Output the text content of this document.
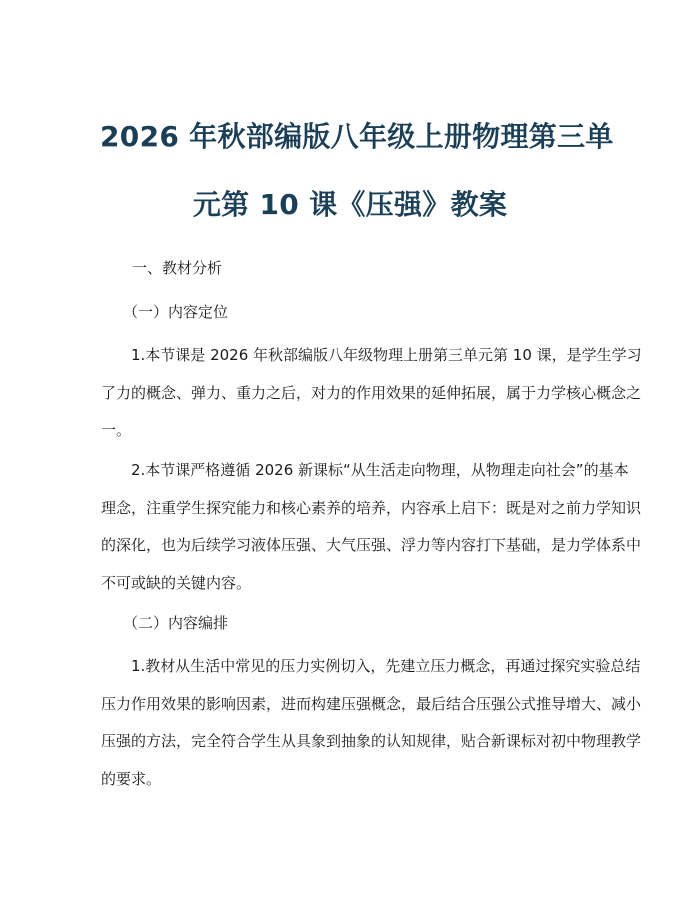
2026 年秋部编版八年级上册物理第三单
元第 10 课《压强》教案

一、教材分析

（一）内容定位

1.本节课是 2026 年秋部编版八年级物理上册第三单元第 10 课，是学生学习
了力的概念、弹力、重力之后，对力的作用效果的延伸拓展，属于力学核心概念之
一。
2.本节课严格遵循 2026 新课标“从生活走向物理，从物理走向社会”的基本
理念，注重学生探究能力和核心素养的培养，内容承上启下：既是对之前力学知识
的深化，也为后续学习液体压强、大气压强、浮力等内容打下基础，是力学体系中
不可或缺的关键内容。

（二）内容编排

1.教材从生活中常见的压力实例切入，先建立压力概念，再通过探究实验总结
压力作用效果的影响因素，进而构建压强概念，最后结合压强公式推导增大、减小
压强的方法，完全符合学生从具象到抽象的认知规律，贴合新课标对初中物理教学
的要求。
